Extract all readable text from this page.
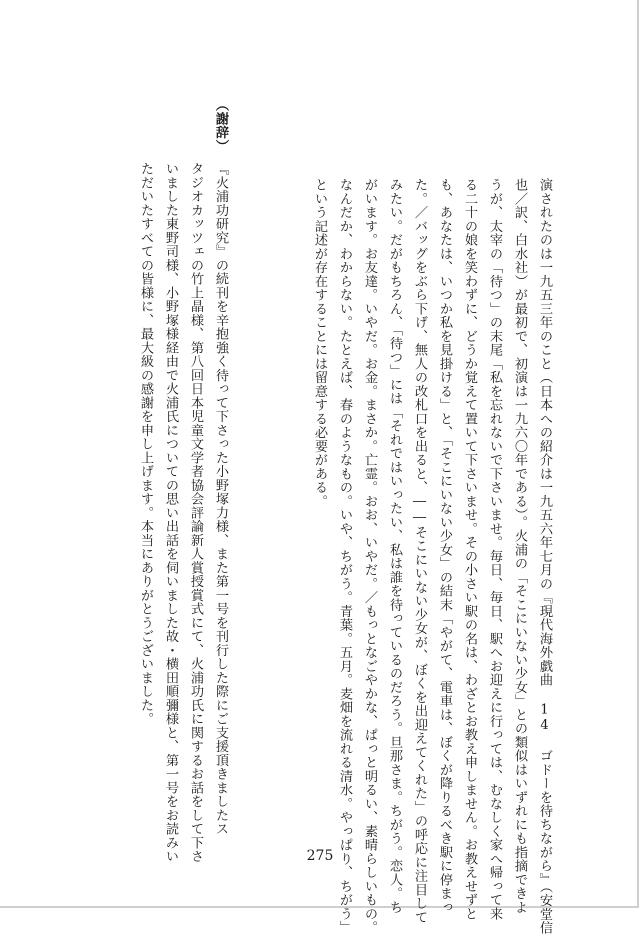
演されたのは一九五三年のこと（日本への紹介は一九五六年七月の『現代海外戯曲 14 ゴドーを待ちながら』（安堂信
也／訳、白水社）が最初で、初演は一九六〇年である）。火浦の「そこにいない少女」との類似はいずれにも指摘できよ
うが、太宰の「待つ」の末尾「私を忘れないで下さいませ。毎日、毎日、駅へお迎えに行っては、むなしく家へ帰って来
る二十の娘を笑わずに、どうか覚えて置いて下さいませ。その小さい駅の名は、わざとお教え申しません。お教えせずと
も、あなたは、いつか私を見掛ける」と、「そこにいない少女」の結末「やがて、電車は、ぼくが降りるべき駅に停まっ
た。／バッグをぶら下げ、無人の改札口を出ると、――そこにいない少女が、ぼくを出迎えてくれた」の呼応に注目して
みたい。だがもちろん、「待つ」には「それではいったい、私は誰を待っているのだろう。旦那さま。ちがう。恋人。ち
がいます。お友達。いやだ。お金。まさか。亡霊。おお、いやだ。／もっとなごやかな、ぱっと明るい、素晴らしいもの。
なんだか、わからない。たとえば、春のようなもの。いや、ちがう。青葉。五月。麦畑を流れる清水。やっぱり、ちがう」
という記述が存在することには留意する必要がある。
（謝辞）
『火浦功研究』の続刊を辛抱強く待って下さった小野塚力様、また第一号を刊行した際にご支援頂きましたス
タジオカッツェの竹上晶様、第八回日本児童文学者協会評論新人賞授賞式にて、火浦功氏に関するお話をして下さ
いました東野司様、小野塚様経由で火浦氏についての思い出話を伺いました故・横田順彌様と、第一号をお読みい
ただいたすべての皆様に、最大級の感謝を申し上げます。本当にありがとうございました。
275
